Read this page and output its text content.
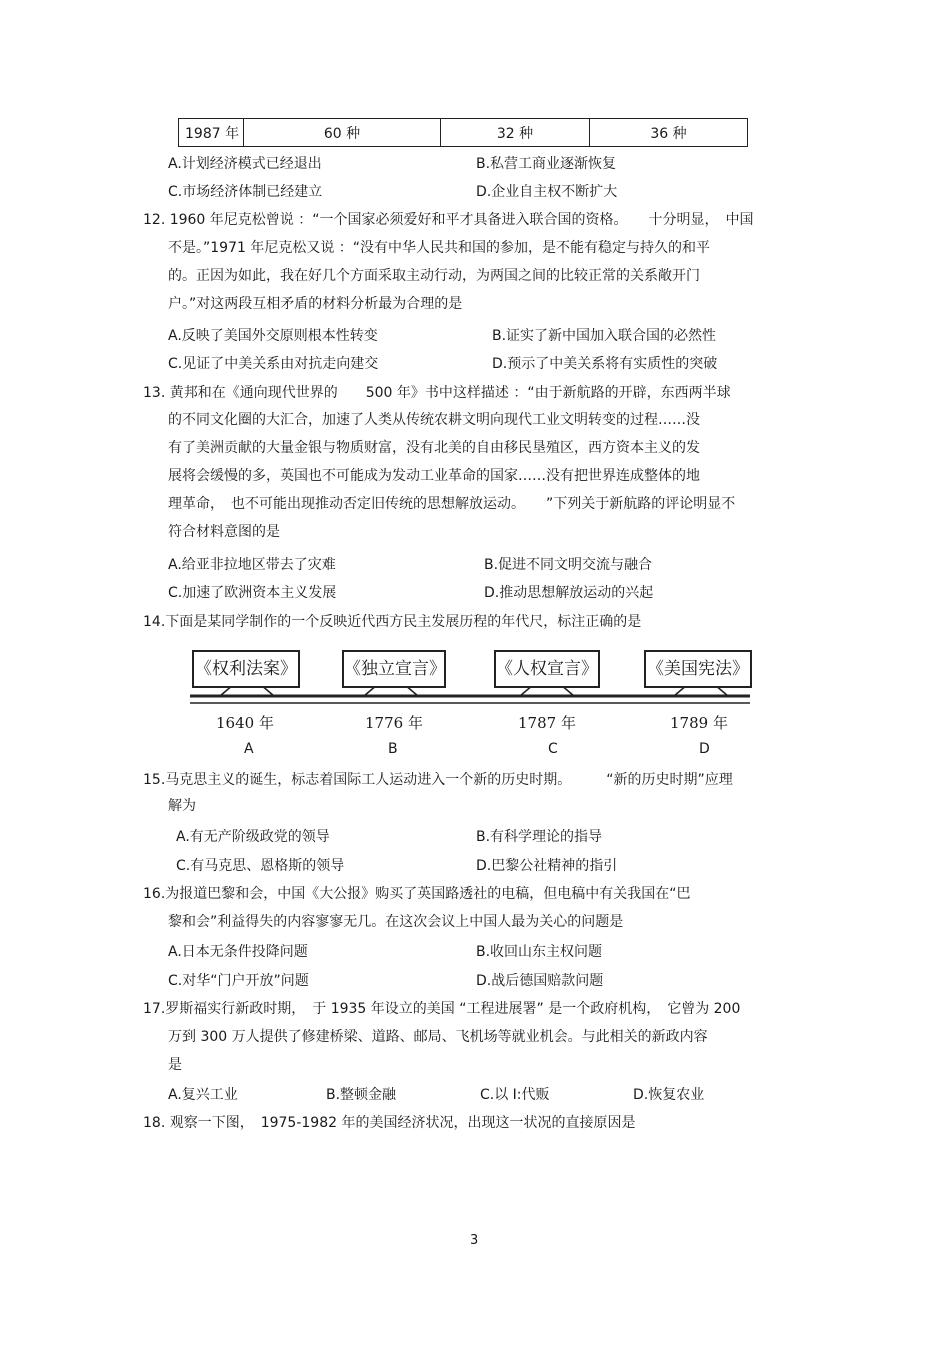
1987 年	60 种	32 种	36 种
A.计划经济模式已经退出	B.私营工商业逐渐恢复
C.市场经济体制已经建立	D.企业自主权不断扩大
12. 1960 年尼克松曾说 ：“一个国家必须爱好和平才具备进入联合国的资格。　　十分明显，　中国
不是。”1971 年尼克松又说 ：“没有中华人民共和国的参加，是不能有稳定与持久的和平
的。正因为如此，我在好几个方面采取主动行动，为两国之间的比较正常的关系敞开门
户。”对这两段互相矛盾的材料分析最为合理的是
A.反映了美国外交原则根本性转变	B.证实了新中国加入联合国的必然性
C.见证了中美关系由对抗走向建交	D.预示了中美关系将有实质性的突破
13. 黄邦和在《通向现代世界的　　500 年》书中这样描述 ：“由于新航路的开辟，东西两半球
的不同文化圈的大汇合，加速了人类从传统农耕文明向现代工业文明转变的过程……没
有了美洲贡献的大量金银与物质财富，没有北美的自由移民垦殖区，西方资本主义的发
展将会缓慢的多，英国也不可能成为发动工业革命的国家……没有把世界连成整体的地
理革命，　也不可能出现推动否定旧传统的思想解放运动。　　”下列关于新航路的评论明显不
符合材料意图的是
A.给亚非拉地区带去了灾难	B.促进不同文明交流与融合
C.加速了欧洲资本主义发展	D.推动思想解放运动的兴起
14.下面是某同学制作的一个反映近代西方民主发展历程的年代尺，标注正确的是
《权利法案》	《独立宣言》	《人权宣言》	《美国宪法》
1640 年	1776 年	1787 年	1789 年
A	B	C	D
15.马克思主义的诞生，标志着国际工人运动进入一个新的历史时期。　　　“新的历史时期”应理
解为
A.有无产阶级政党的领导	B.有科学理论的指导
C.有马克思、恩格斯的领导	D.巴黎公社精神的指引
16.为报道巴黎和会，中国《大公报》购买了英国路透社的电稿，但电稿中有关我国在“巴
黎和会”利益得失的内容寥寥无几。在这次会议上中国人最为关心的问题是
A.日本无条件投降问题	B.收回山东主权问题
C.对华“门户开放”问题	D.战后德国赔款问题
17.罗斯福实行新政时期，　于 1935 年设立的美国 “工程进展署” 是一个政府机构，　它曾为 200
万到 300 万人提供了修建桥梁、道路、邮局、飞机场等就业机会。与此相关的新政内容
是
A.复兴工业	B.整顿金融	C.以 I:代贩	D.恢复农业
18. 观察一下图，　1975-1982 年的美国经济状况，出现这一状况的直接原因是
3
